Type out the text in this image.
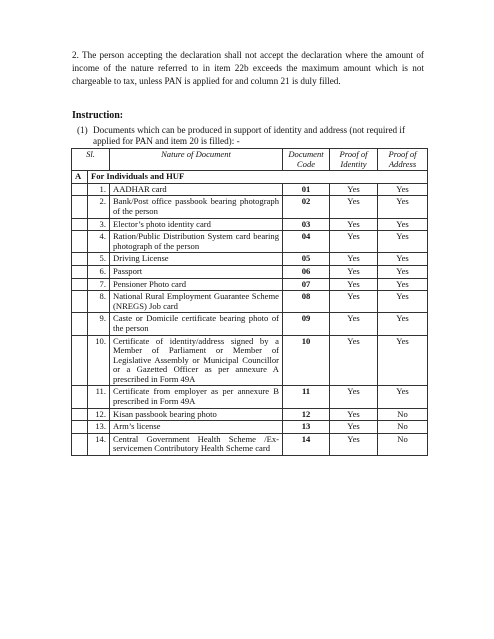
2. The person accepting the declaration shall not accept the declaration where the amount of income of the nature referred to in item 22b exceeds the maximum amount which is not chargeable to tax, unless PAN is applied for and column 21 is duly filled.
Instruction:
(1) Documents which can be produced in support of identity and address (not required if applied for PAN and item 20 is filled): -
Sl.		Nature of Document	Document Code	Proof of Identity	Proof of Address
A	For Individuals and HUF				
	1.	AADHAR card	01	Yes	Yes
	2.	Bank/Post office passbook bearing photograph of the person	02	Yes	Yes
	3.	Elector’s photo identity card	03	Yes	Yes
	4.	Ration/Public Distribution System card bearing photograph of the person	04	Yes	Yes
	5.	Driving License	05	Yes	Yes
	6.	Passport	06	Yes	Yes
	7.	Pensioner Photo card	07	Yes	Yes
	8.	National Rural Employment Guarantee Scheme (NREGS) Job card	08	Yes	Yes
	9.	Caste or Domicile certificate bearing photo of the person	09	Yes	Yes
	10.	Certificate of identity/address signed by a Member of Parliament or Member of Legislative Assembly or Municipal Councillor or a Gazetted Officer as per annexure A prescribed in Form 49A	10	Yes	Yes
	11.	Certificate from employer as per annexure B prescribed in Form 49A	11	Yes	Yes
	12.	Kisan passbook bearing photo	12	Yes	No
	13.	Arm’s license	13	Yes	No
	14.	Central Government Health Scheme /Ex-servicemen Contributory Health Scheme card	14	Yes	No
